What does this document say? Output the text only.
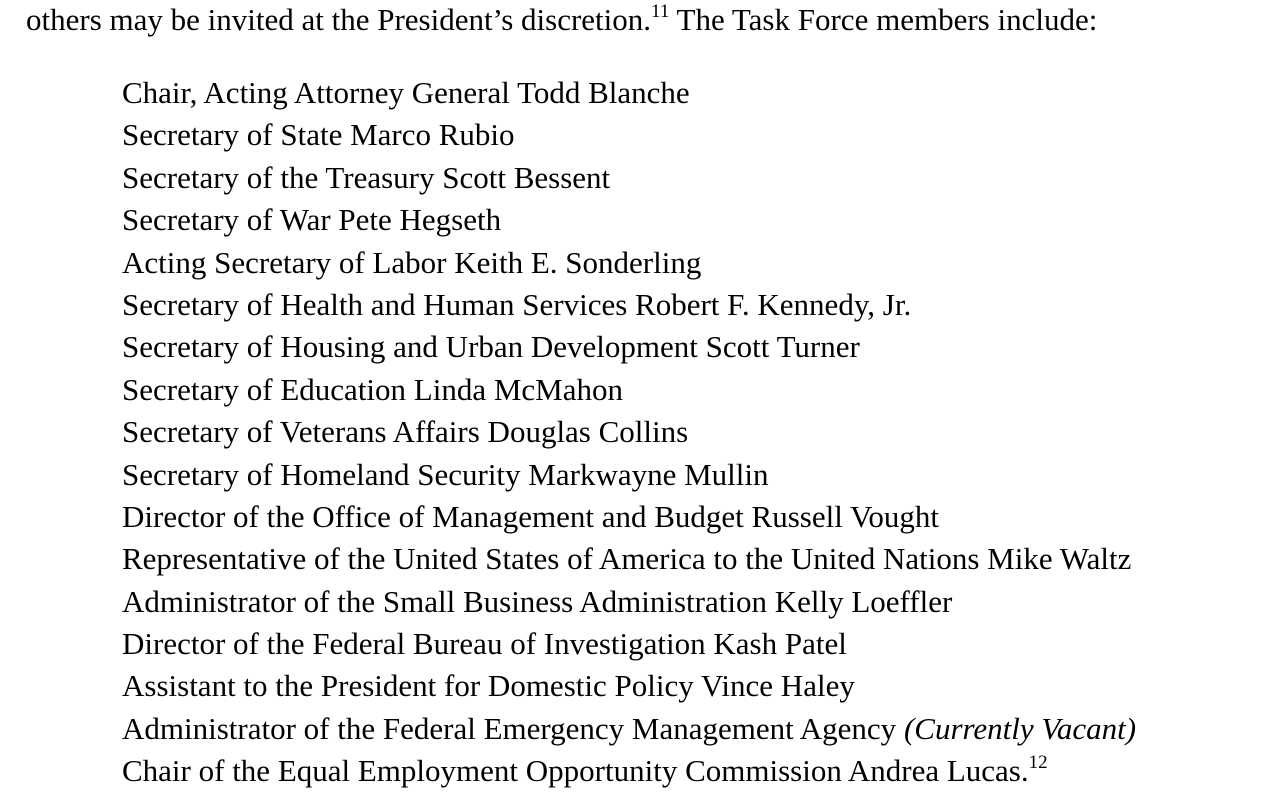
others may be invited at the President’s discretion.$^{11}$ The Task Force members include:
Chair, Acting Attorney General Todd Blanche
Secretary of State Marco Rubio
Secretary of the Treasury Scott Bessent
Secretary of War Pete Hegseth
Acting Secretary of Labor Keith E. Sonderling
Secretary of Health and Human Services Robert F. Kennedy, Jr.
Secretary of Housing and Urban Development Scott Turner
Secretary of Education Linda McMahon
Secretary of Veterans Affairs Douglas Collins
Secretary of Homeland Security Markwayne Mullin
Director of the Office of Management and Budget Russell Vought
Representative of the United States of America to the United Nations Mike Waltz
Administrator of the Small Business Administration Kelly Loeffler
Director of the Federal Bureau of Investigation Kash Patel
Assistant to the President for Domestic Policy Vince Haley
Administrator of the Federal Emergency Management Agency (Currently Vacant)
Chair of the Equal Employment Opportunity Commission Andrea Lucas.$^{12}$
